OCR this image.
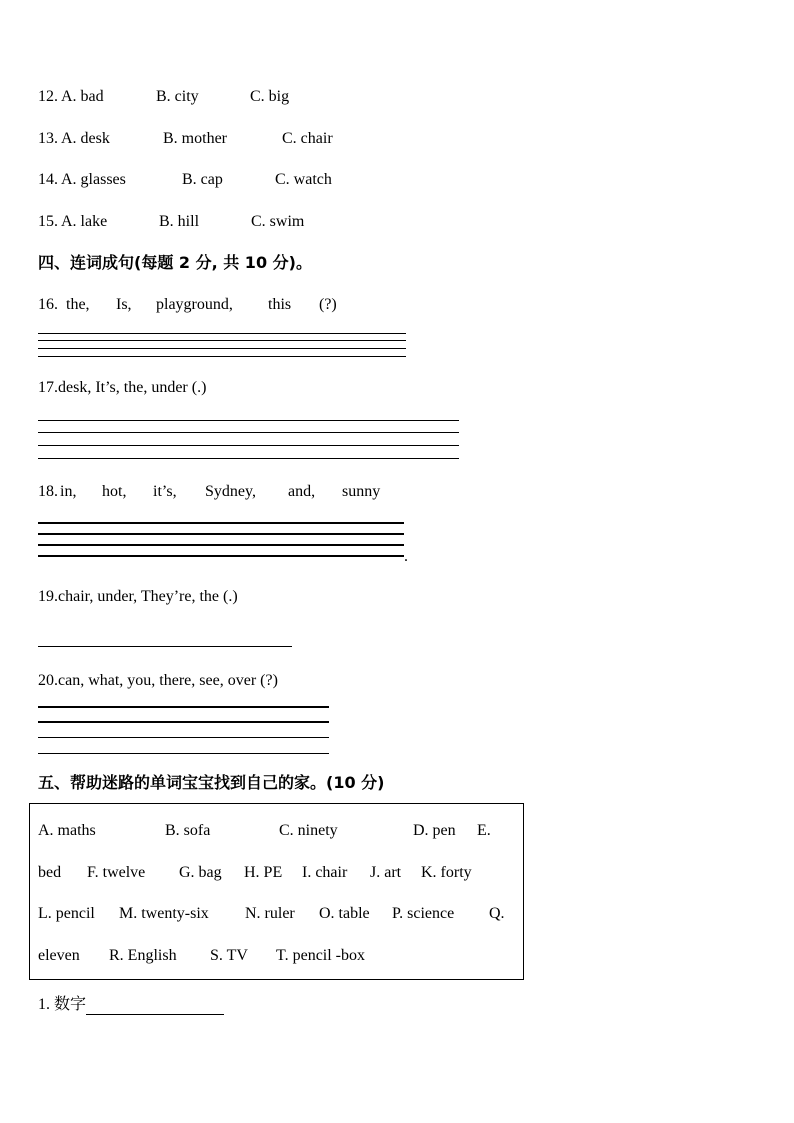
12. A. bad	B. city	C. big
13. A. desk	B. mother	C. chair
14. A. glasses	B. cap	C. watch
15. A. lake	B. hill	C. swim
四、连词成句(每题 2 分, 共 10 分)。
16. the, Is, playground, this (?)
17.desk, It’s, the, under (.)
18. in, hot, it’s, Sydney, and, sunny
.
19.chair, under, They’re, the (.)
20.can, what, you, there, see, over (?)
五、帮助迷路的单词宝宝找到自己的家。(10 分)
A. maths	B. sofa	C. ninety	D. pen E.
bed F. twelve G. bag H. PE I. chair J. art K. forty
L. pencil M. twenty-six N. ruler O. table P. science Q.
eleven R. English S. TV T. pencil -box
1. 数字
